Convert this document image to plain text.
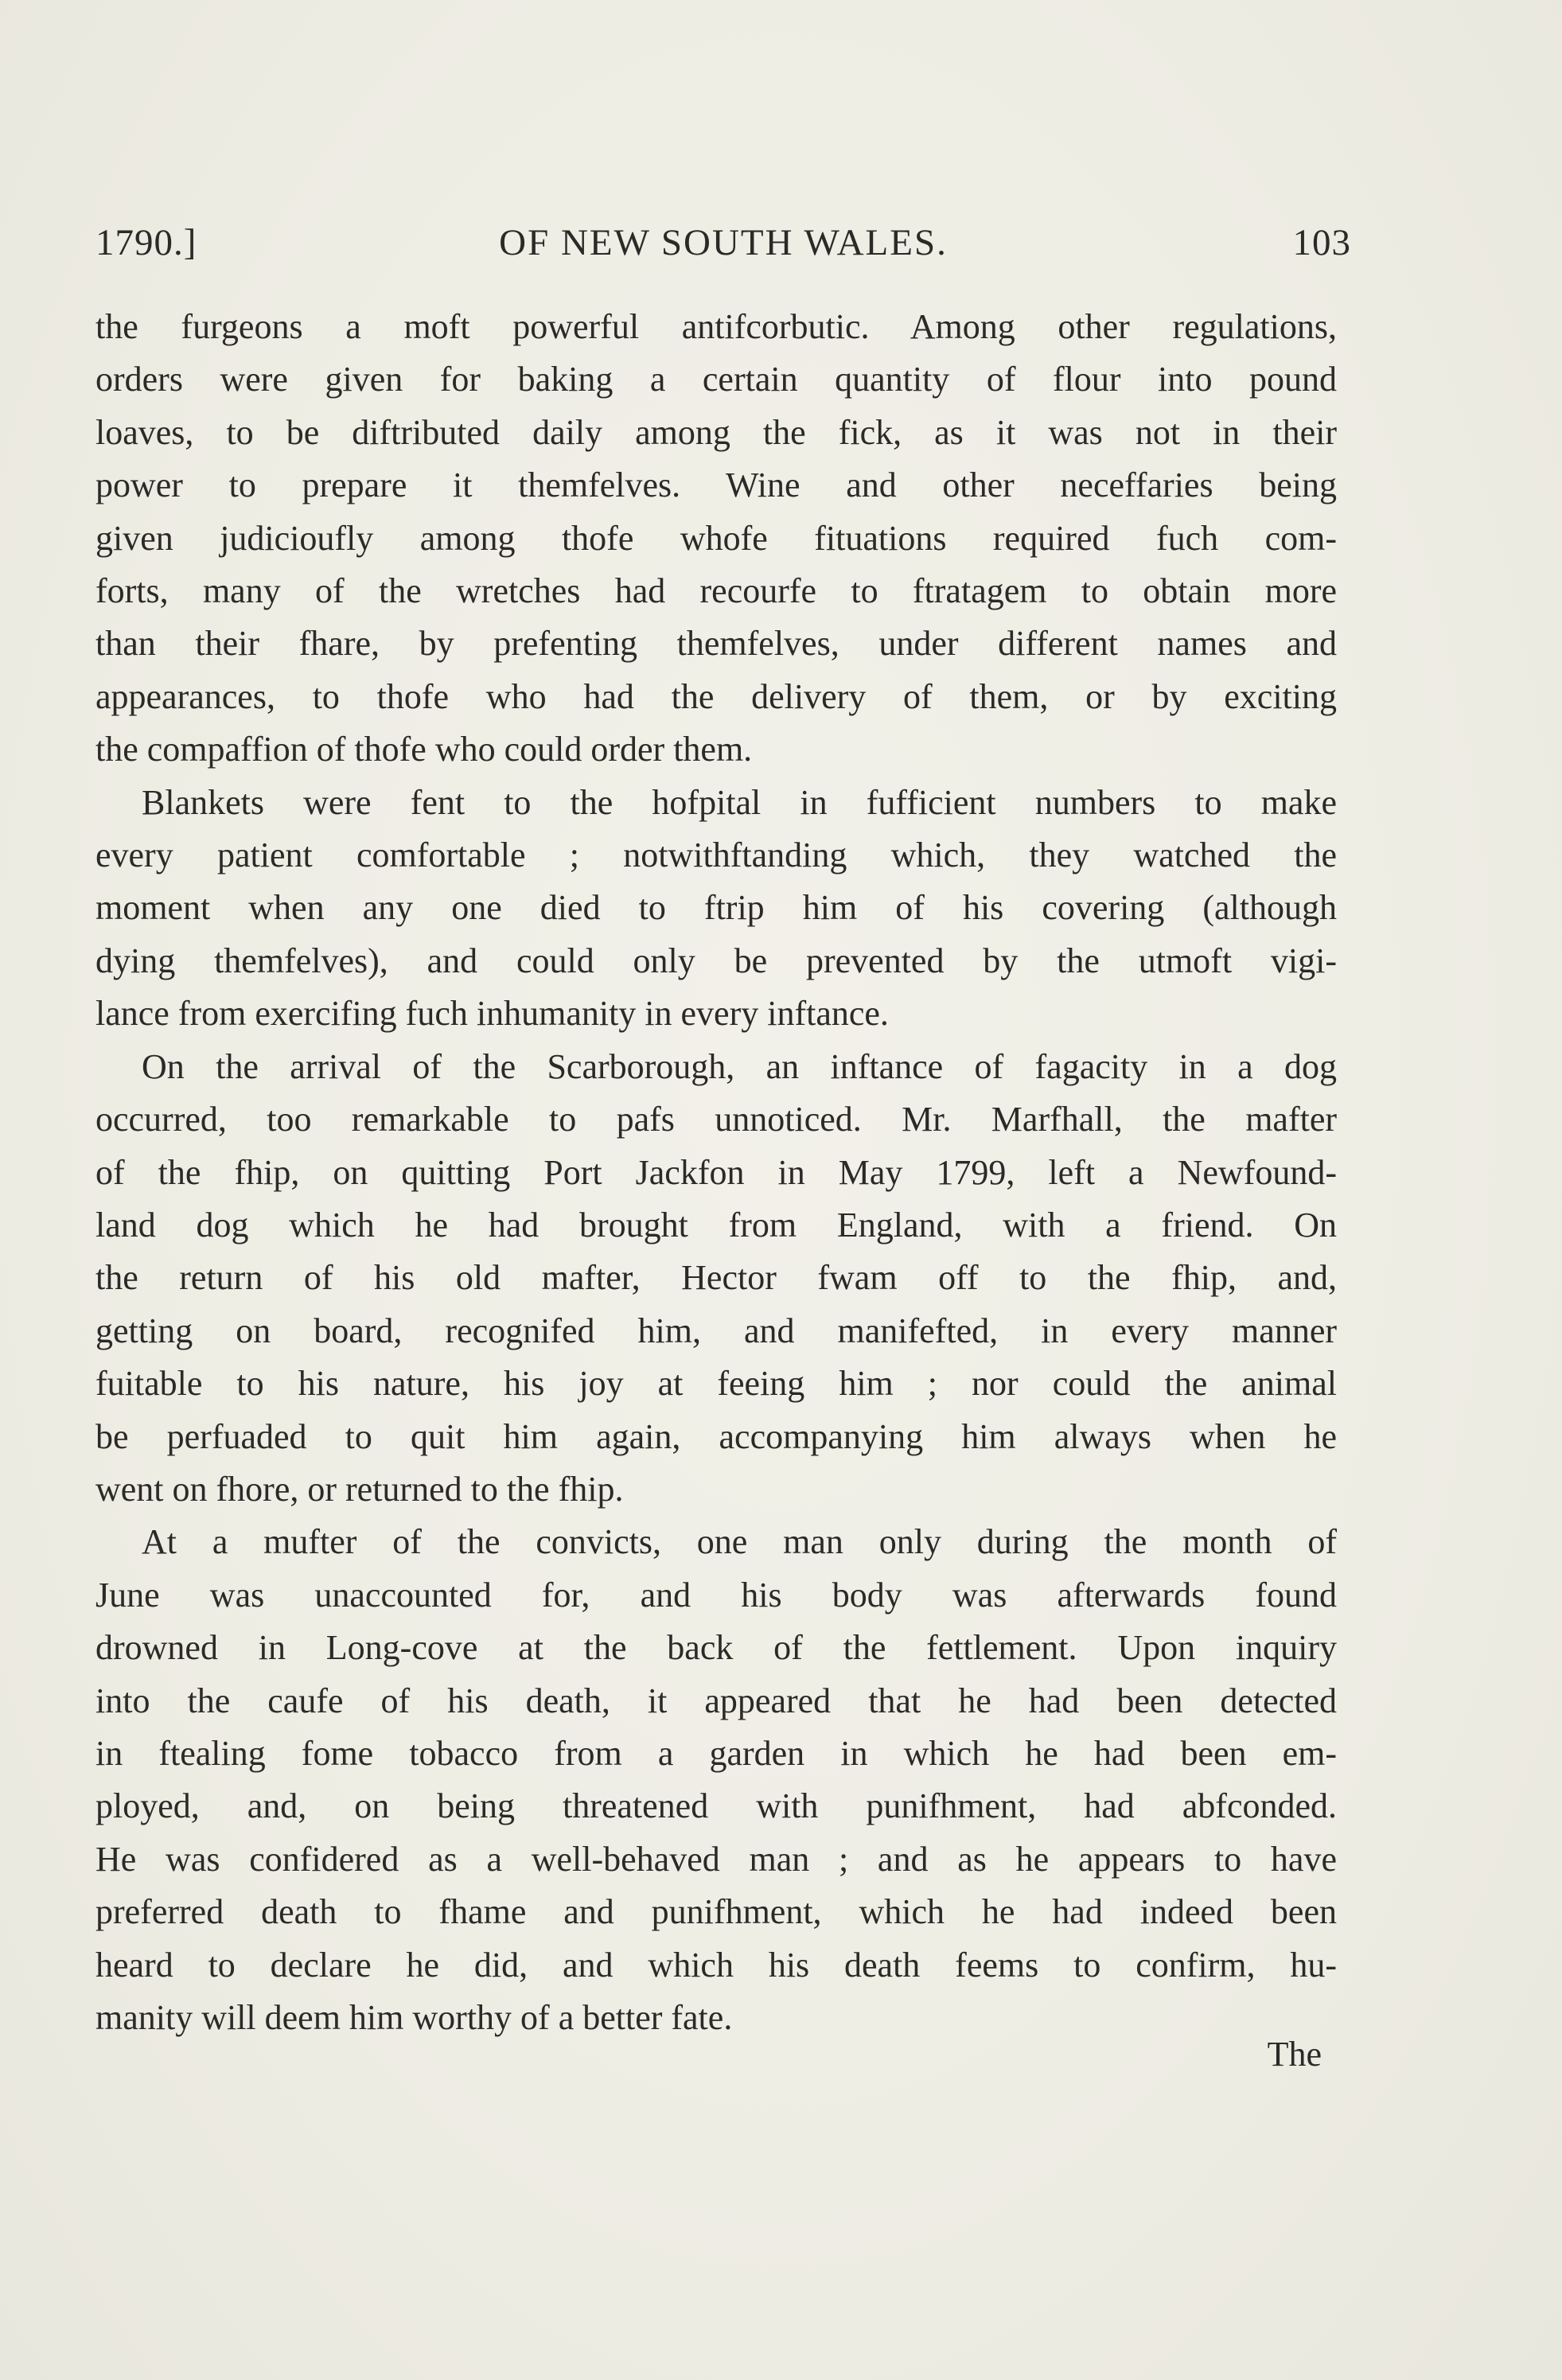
1790.]	OF NEW SOUTH WALES.	103
the furgeons a moft powerful antifcorbutic. Among other regulations,
orders were given for baking a certain quantity of flour into pound
loaves, to be diftributed daily among the fick, as it was not in their
power to prepare it themfelves. Wine and other neceffaries being
given judicioufly among thofe whofe fituations required fuch com-
forts, many of the wretches had recourfe to ftratagem to obtain more
than their fhare, by prefenting themfelves, under different names and
appearances, to thofe who had the delivery of them, or by exciting
the compaffion of thofe who could order them.
Blankets were fent to the hofpital in fufficient numbers to make
every patient comfortable ; notwithftanding which, they watched the
moment when any one died to ftrip him of his covering (although
dying themfelves), and could only be prevented by the utmoft vigi-
lance from exercifing fuch inhumanity in every inftance.
On the arrival of the Scarborough, an inftance of fagacity in a dog
occurred, too remarkable to pafs unnoticed. Mr. Marfhall, the mafter
of the fhip, on quitting Port Jackfon in May 1799, left a Newfound-
land dog which he had brought from England, with a friend. On
the return of his old mafter, Hector fwam off to the fhip, and,
getting on board, recognifed him, and manifefted, in every manner
fuitable to his nature, his joy at feeing him ; nor could the animal
be perfuaded to quit him again, accompanying him always when he
went on fhore, or returned to the fhip.
At a mufter of the convicts, one man only during the month of
June was unaccounted for, and his body was afterwards found
drowned in Long-cove at the back of the fettlement. Upon inquiry
into the caufe of his death, it appeared that he had been detected
in ftealing fome tobacco from a garden in which he had been em-
ployed, and, on being threatened with punifhment, had abfconded.
He was confidered as a well-behaved man ; and as he appears to have
preferred death to fhame and punifhment, which he had indeed been
heard to declare he did, and which his death feems to confirm, hu-
manity will deem him worthy of a better fate.
The
